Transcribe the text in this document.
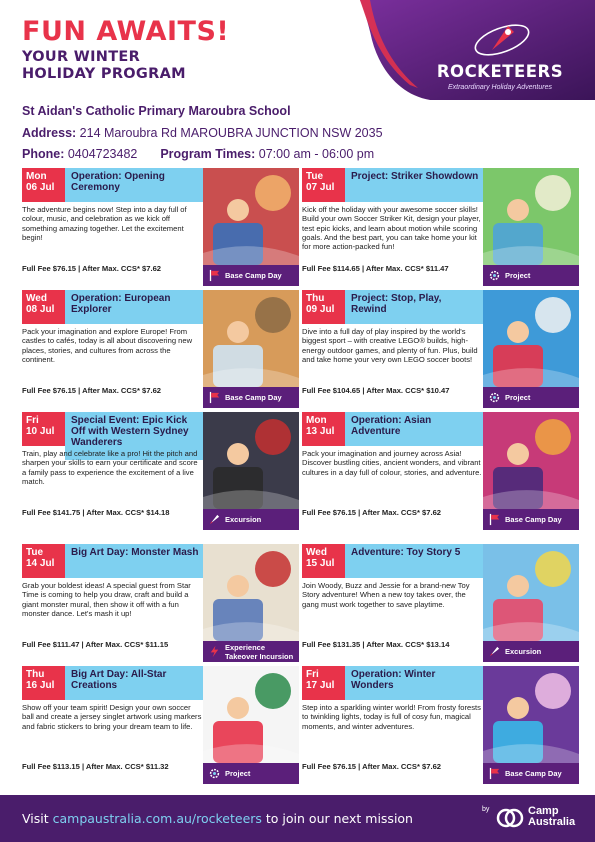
FUN AWAITS!
YOUR WINTER
HOLIDAY PROGRAM	ROCKETEERS
Extraordinary Holiday Adventures
St Aidan's Catholic Primary Maroubra School
Address: 214 Maroubra Rd MAROUBRA JUNCTION NSW 2035
Phone: 0404723482 Program Times: 07:00 am - 06:00 pm
Mon
06 Jul
Operation: Opening Ceremony
The adventure begins now! Step into a day full of colour, music, and celebration as we kick off something amazing together. Let the excitement begin!
Full Fee $76.15 | After Max. CCS* $7.62
Base Camp Day
Tue
07 Jul
Project: Striker Showdown
Kick off the holiday with your awesome soccer skills! Build your own Soccer Striker Kit, design your player, test epic kicks, and learn about motion while scoring goals. And the best part, you can take home your kit for more action-packed fun!
Full Fee $114.65 | After Max. CCS* $11.47
Project
Wed
08 Jul
Operation: European Explorer
Pack your imagination and explore Europe! From castles to cafés, today is all about discovering new places, stories, and cultures from across the continent.
Full Fee $76.15 | After Max. CCS* $7.62
Base Camp Day
Thu
09 Jul
Project: Stop, Play, Rewind
Dive into a full day of play inspired by the world's biggest sport – with creative LEGO® builds, high-energy outdoor games, and plenty of fun. Plus, build and take home your very own LEGO soccer boots!
Full Fee $104.65 | After Max. CCS* $10.47
Project
Fri
10 Jul
Special Event: Epic Kick Off with Western Sydney Wanderers
Train, play and celebrate like a pro! Hit the pitch and sharpen your skills to earn your certificate and score a family pass to experience the excitement of a live match.
Full Fee $141.75 | After Max. CCS* $14.18
Excursion
Mon
13 Jul
Operation: Asian Adventure
Pack your imagination and journey across Asia! Discover bustling cities, ancient wonders, and vibrant cultures in a day full of colour, stories, and adventure.
Full Fee $76.15 | After Max. CCS* $7.62
Base Camp Day
Tue
14 Jul
Big Art Day: Monster Mash
Grab your boldest ideas! A special guest from Star Time is coming to help you draw, craft and build a giant monster mural, then show it off with a fun monster dance. Let's mash it up!
Full Fee $111.47 | After Max. CCS* $11.15	Experience Takeover Incursion
Wed
15 Jul
Adventure: Toy Story 5
Join Woody, Buzz and Jessie for a brand-new Toy Story adventure! When a new toy takes over, the gang must work together to save playtime.
Full Fee $131.35 | After Max. CCS* $13.14
Excursion
Thu
16 Jul
Big Art Day: All-Star Creations
Show off your team spirit! Design your own soccer ball and create a jersey singlet artwork using markers and fabric stickers to bring your dream team to life.
Full Fee $113.15 | After Max. CCS* $11.32
Project
Fri
17 Jul
Operation: Winter Wonders
Step into a sparkling winter world! From frosty forests to twinkling lights, today is full of cosy fun, magical moments, and winter adventures.
Full Fee $76.15 | After Max. CCS* $7.62
Base Camp Day
Visit campaustralia.com.au/rocketeers to join our next mission
by	Camp
Australia
